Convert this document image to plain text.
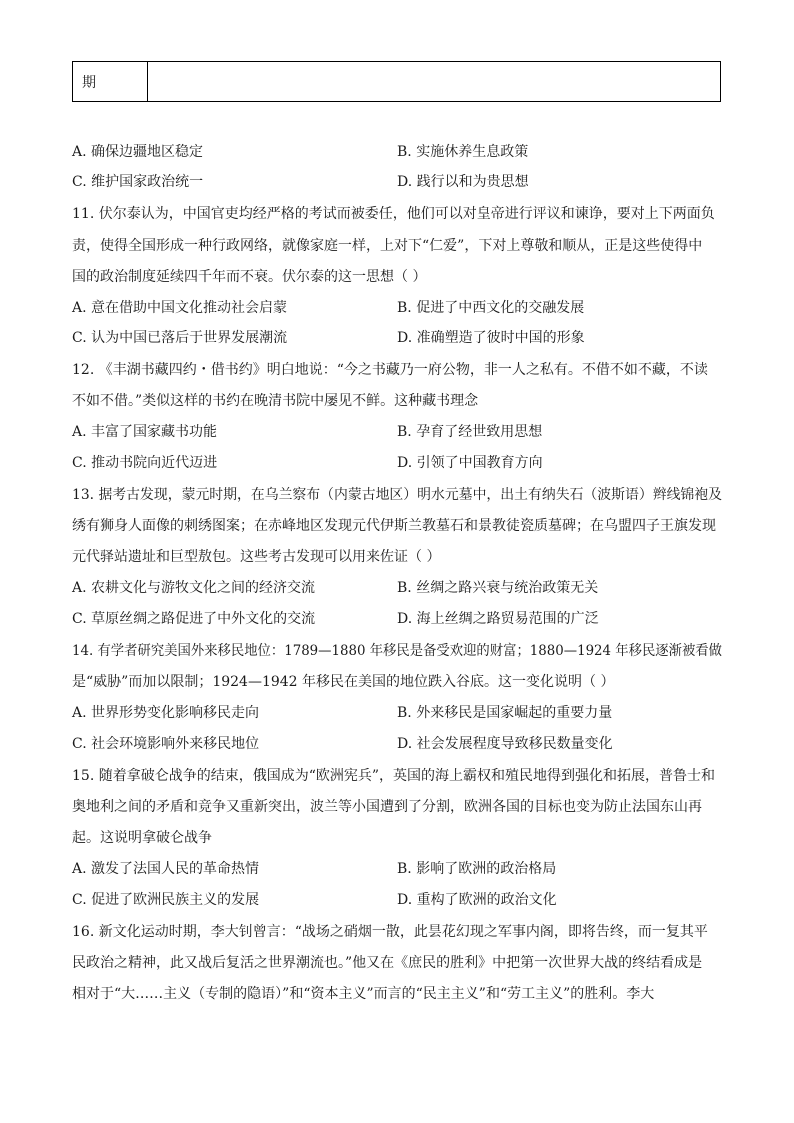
期
A. 确保边疆地区稳定	B. 实施休养生息政策
C. 维护国家政治统一	D. 践行以和为贵思想
11. 伏尔泰认为，中国官吏均经严格的考试而被委任，他们可以对皇帝进行评议和谏诤，要对上下两面负
责，使得全国形成一种行政网络，就像家庭一样，上对下“仁爱”，下对上尊敬和顺从，正是这些使得中
国的政治制度延续四千年而不衰。伏尔泰的这一思想（ ）
A. 意在借助中国文化推动社会启蒙	B. 促进了中西文化的交融发展
C. 认为中国已落后于世界发展潮流	D. 准确塑造了彼时中国的形象
12. 《丰湖书藏四约・借书约》明白地说：“今之书藏乃一府公物，非一人之私有。不借不如不藏，不读
不如不借。”类似这样的书约在晚清书院中屡见不鲜。这种藏书理念
A. 丰富了国家藏书功能	B. 孕育了经世致用思想
C. 推动书院向近代迈进	D. 引领了中国教育方向
13. 据考古发现，蒙元时期，在乌兰察布（内蒙古地区）明水元墓中，出土有纳失石（波斯语）辫线锦袍及
绣有狮身人面像的刺绣图案；在赤峰地区发现元代伊斯兰教墓石和景教徒瓷质墓碑；在乌盟四子王旗发现
元代驿站遗址和巨型敖包。这些考古发现可以用来佐证（ ）
A. 农耕文化与游牧文化之间的经济交流	B. 丝绸之路兴衰与统治政策无关
C. 草原丝绸之路促进了中外文化的交流	D. 海上丝绸之路贸易范围的广泛
14. 有学者研究美国外来移民地位：1789—1880 年移民是备受欢迎的财富；1880—1924 年移民逐渐被看做
是“威胁”而加以限制；1924—1942 年移民在美国的地位跌入谷底。这一变化说明（ ）
A. 世界形势变化影响移民走向	B. 外来移民是国家崛起的重要力量
C. 社会环境影响外来移民地位	D. 社会发展程度导致移民数量变化
15. 随着拿破仑战争的结束，俄国成为“欧洲宪兵”，英国的海上霸权和殖民地得到强化和拓展，普鲁士和
奥地利之间的矛盾和竞争又重新突出，波兰等小国遭到了分割，欧洲各国的目标也变为防止法国东山再
起。这说明拿破仑战争
A. 激发了法国人民的革命热情	B. 影响了欧洲的政治格局
C. 促进了欧洲民族主义的发展	D. 重构了欧洲的政治文化
16. 新文化运动时期，李大钊曾言：“战场之硝烟一散，此昙花幻现之军事内阁，即将告终，而一复其平
民政治之精神，此又战后复活之世界潮流也。”他又在《庶民的胜利》中把第一次世界大战的终结看成是
相对于“大……主义（专制的隐语）”和“资本主义”而言的“民主主义”和“劳工主义”的胜利。李大
